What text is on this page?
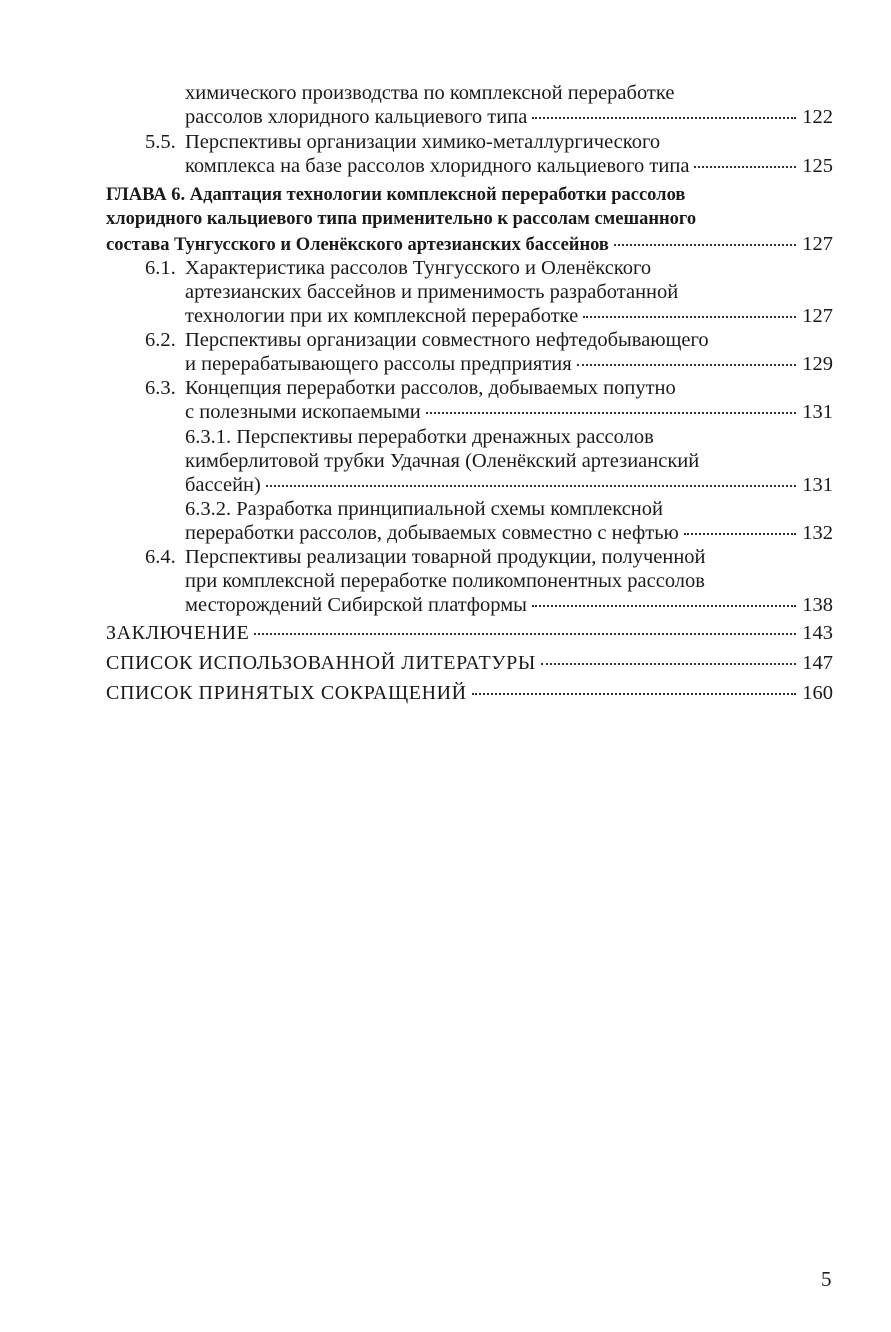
химического производства по комплексной переработке
рассолов хлоридного кальциевого типа	122
5.5. Перспективы организации химико-металлургического
комплекса на базе рассолов хлоридного кальциевого типа	125
ГЛАВА 6. Адаптация технологии комплексной переработки рассолов
хлоридного кальциевого типа применительно к рассолам смешанного
состава Тунгусского и Оленёкского артезианских бассейнов	127
6.1. Характеристика рассолов Тунгусского и Оленёкского
артезианских бассейнов и применимость разработанной
технологии при их комплексной переработке	127
6.2. Перспективы организации совместного нефтедобывающего
и перерабатывающего рассолы предприятия	129
6.3. Концепция переработки рассолов, добываемых попутно
с полезными ископаемыми	131
6.3.1. Перспективы переработки дренажных рассолов
кимберлитовой трубки Удачная (Оленёкский артезианский
бассейн)	131
6.3.2. Разработка принципиальной схемы комплексной
переработки рассолов, добываемых совместно с нефтью	132
6.4. Перспективы реализации товарной продукции, полученной
при комплексной переработке поликомпонентных рассолов
месторождений Сибирской платформы	138
ЗАКЛЮЧЕНИЕ	143
СПИСОК ИСПОЛЬЗОВАННОЙ ЛИТЕРАТУРЫ	147
СПИСОК ПРИНЯТЫХ СОКРАЩЕНИЙ	160
5
